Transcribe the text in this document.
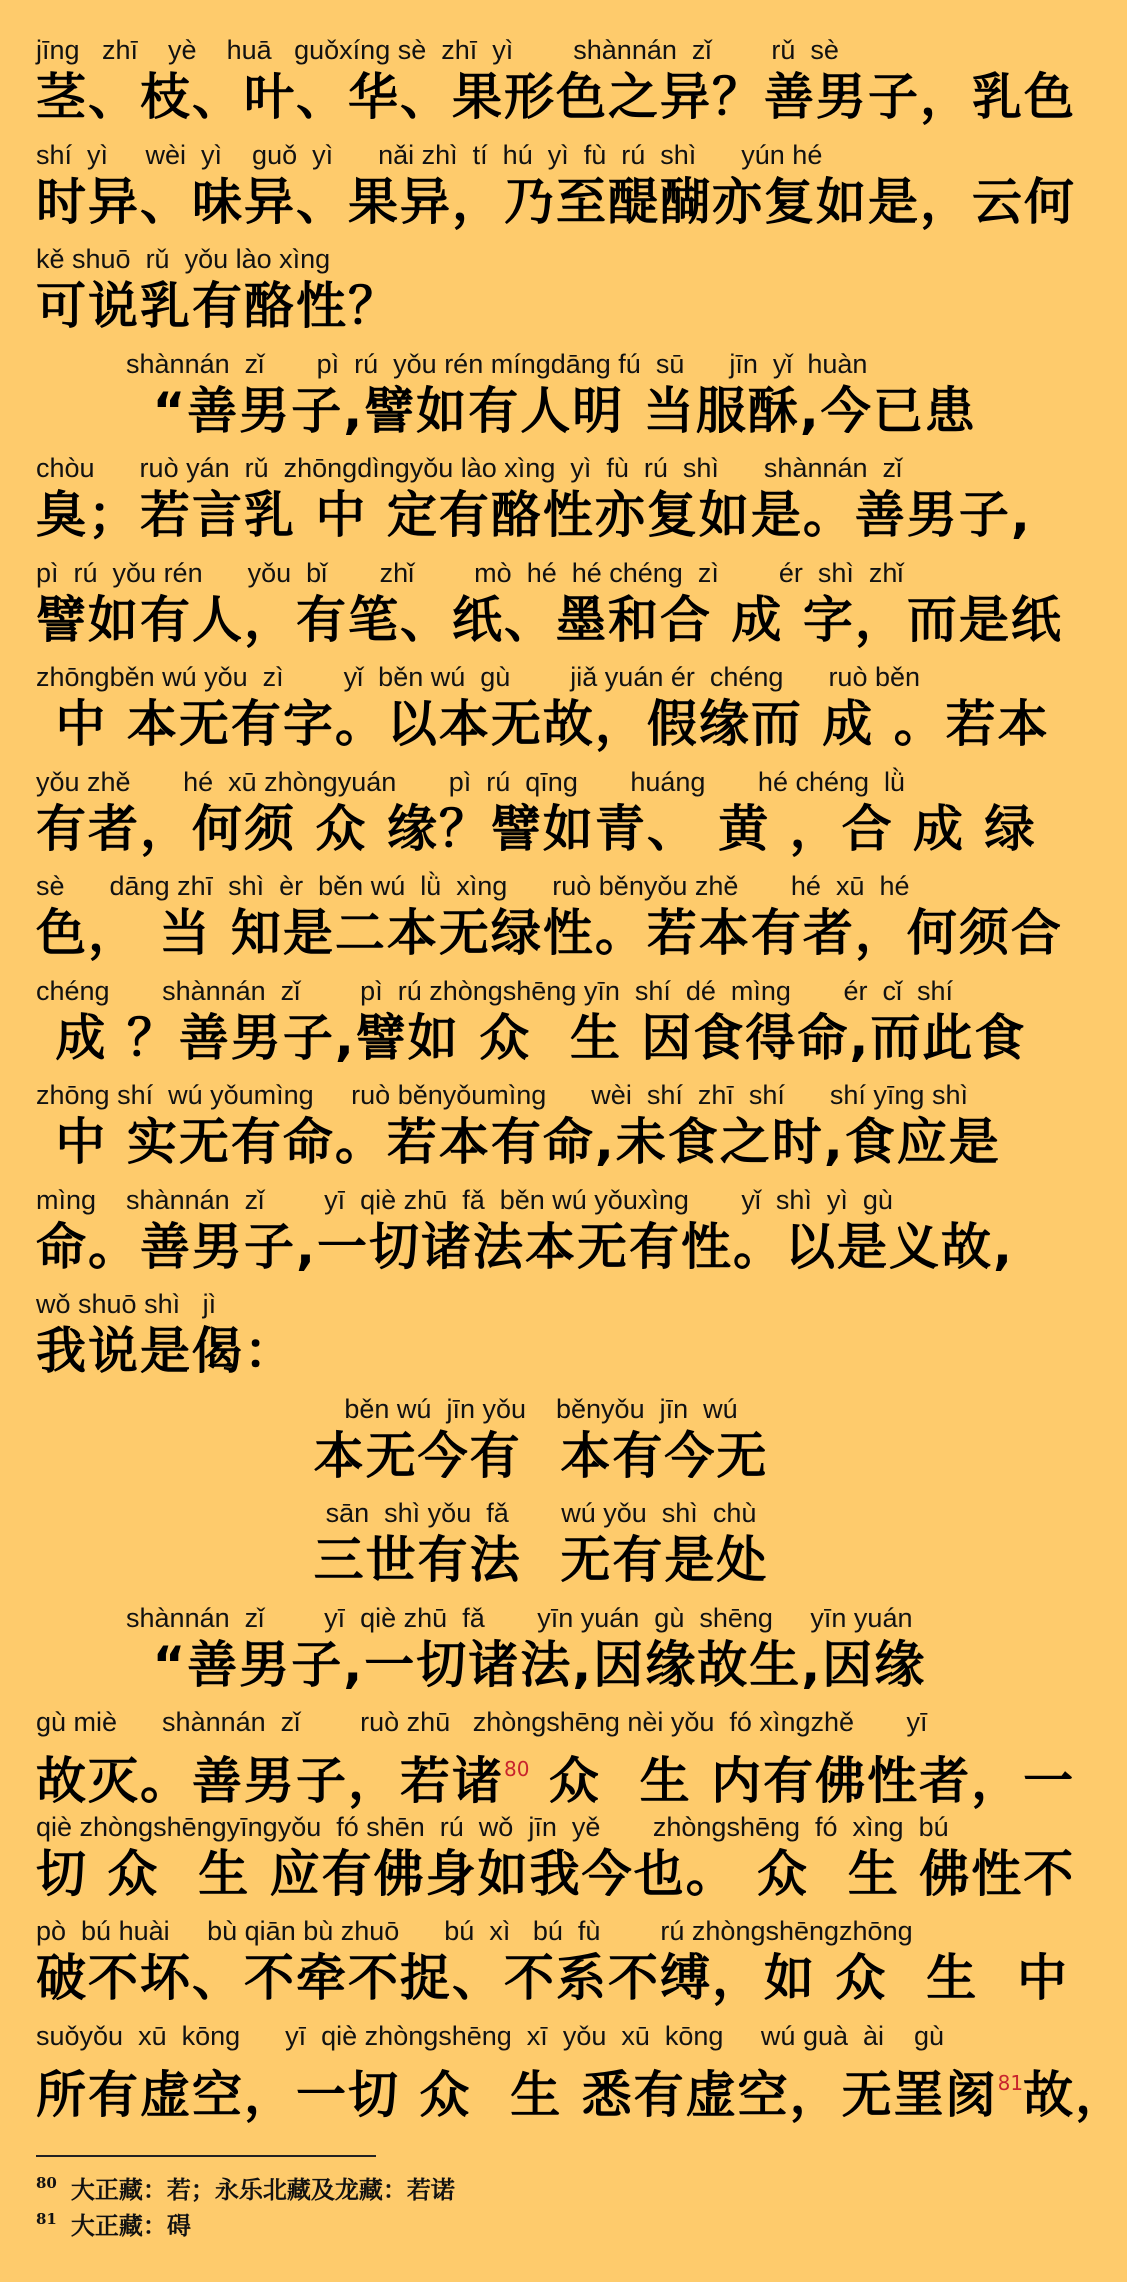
jīng   zhī    yè    huā   guǒxíng sè  zhī  yì        shànnán  zǐ        rǔ  sè
茎、枝、叶、华、果形色之异？善男子，乳色
shí  yì     wèi  yì    guǒ  yì      nǎi zhì  tí  hú  yì  fù  rú  shì      yún hé
时异、味异、果异，乃至醍醐亦复如是，云何
kě shuō  rǔ  yǒu lào xìng
可说乳有酪性？
shànnán  zǐ       pì  rú  yǒu rén míngdāng fú  sū      jīn  yǐ  huàn
“善男子,譬如有人明 当服酥,今已患
chòu      ruò yán  rǔ  zhōngdìngyǒu lào xìng  yì  fù  rú  shì      shànnán  zǐ
臭；若言乳 中 定有酪性亦复如是。善男子,
pì  rú  yǒu rén      yǒu  bǐ       zhǐ        mò  hé  hé chéng  zì        ér  shì  zhǐ
譬如有人，有笔、纸、墨和合 成 字，而是纸
zhōngběn wú yǒu  zì        yǐ  běn wú  gù        jiǎ yuán ér  chéng      ruò běn
中 本无有字。以本无故，假缘而 成 。若本
yǒu zhě       hé  xū zhòngyuán       pì  rú  qīng       huáng       hé chéng  lǜ
有者，何须 众 缘？譬如青、 黄 ，合 成 绿
sè      dāng zhī  shì  èr  běn wú  lǜ  xìng      ruò běnyǒu zhě       hé  xū  hé
色， 当 知是二本无绿性。若本有者，何须合
chéng       shànnán  zǐ        pì  rú zhòngshēng yīn  shí  dé  mìng       ér  cǐ  shí
成 ？善男子,譬如 众  生 因食得命,而此食
zhōng shí  wú yǒumìng     ruò běnyǒumìng      wèi  shí  zhī  shí      shí yīng shì
中 实无有命。若本有命,未食之时,食应是
mìng    shànnán  zǐ        yī  qiè zhū  fǎ  běn wú yǒuxìng       yǐ  shì  yì  gù
命。善男子,一切诸法本无有性。以是义故,
wǒ shuō shì   jì
我说是偈：
běn wú  jīn yǒu    běnyǒu  jīn  wú
本无今有  本有今无
sān  shì yǒu  fǎ       wú yǒu  shì  chù
三世有法  无有是处
shànnán  zǐ        yī  qiè zhū  fǎ       yīn yuán  gù  shēng     yīn yuán
“善男子,一切诸法,因缘故生,因缘
gù miè      shànnán  zǐ        ruò zhū   zhòngshēng nèi yǒu  fó xìngzhě       yī
故灭。善男子，若诸$^{80}$ 众  生 内有佛性者，一
qiè zhòngshēngyīngyǒu  fó shēn  rú  wǒ  jīn  yě       zhòngshēng  fó  xìng  bú
切 众  生 应有佛身如我今也。 众  生 佛性不
pò  bú huài     bù qiān bù zhuō      bú  xì   bú  fù        rú zhòngshēngzhōng
破不坏、不牵不捉、不系不缚，如 众  生  中
suǒyǒu  xū  kōng      yī  qiè zhòngshēng  xī  yǒu  xū  kōng     wú guà  ài    gù
所有虚空，一切 众  生 悉有虚空，无罣阂$^{81}$故，
$^{80}$ 大正藏：若；永乐北藏及龙藏：若诺
$^{81}$ 大正藏：碍
